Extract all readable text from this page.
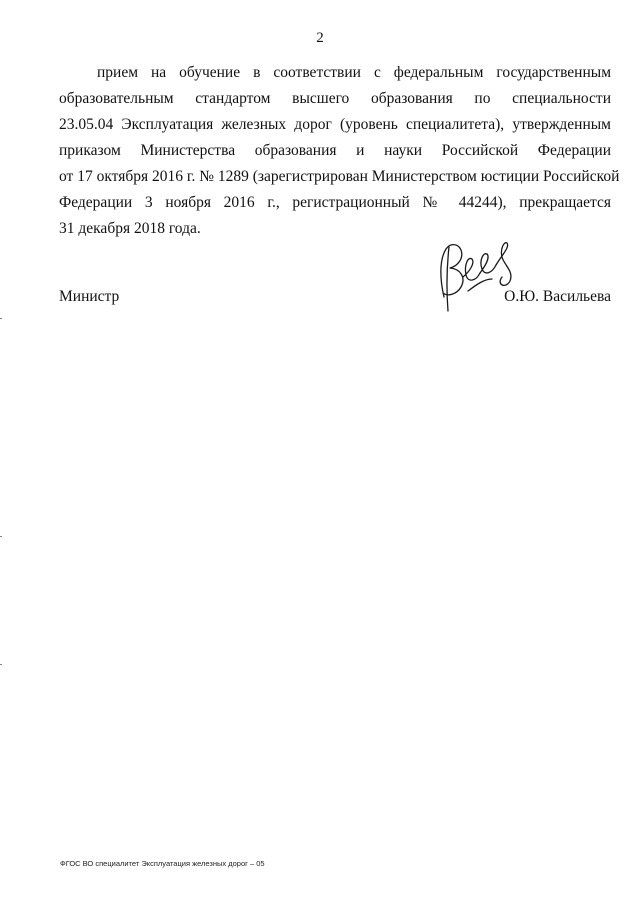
2
прием на обучение в соответствии с федеральным государственным
образовательным стандартом высшего образования по специальности
23.05.04 Эксплуатация железных дорог (уровень специалитета), утвержденным
приказом Министерства образования и науки Российской Федерации
от 17 октября 2016 г. № 1289 (зарегистрирован Министерством юстиции Российской
Федерации 3 ноября 2016 г., регистрационный № 44244), прекращается
31 декабря 2018 года.
Министр	О.Ю. Васильева
ФГОС ВО специалитет Эксплуатация железных дорог – 05
